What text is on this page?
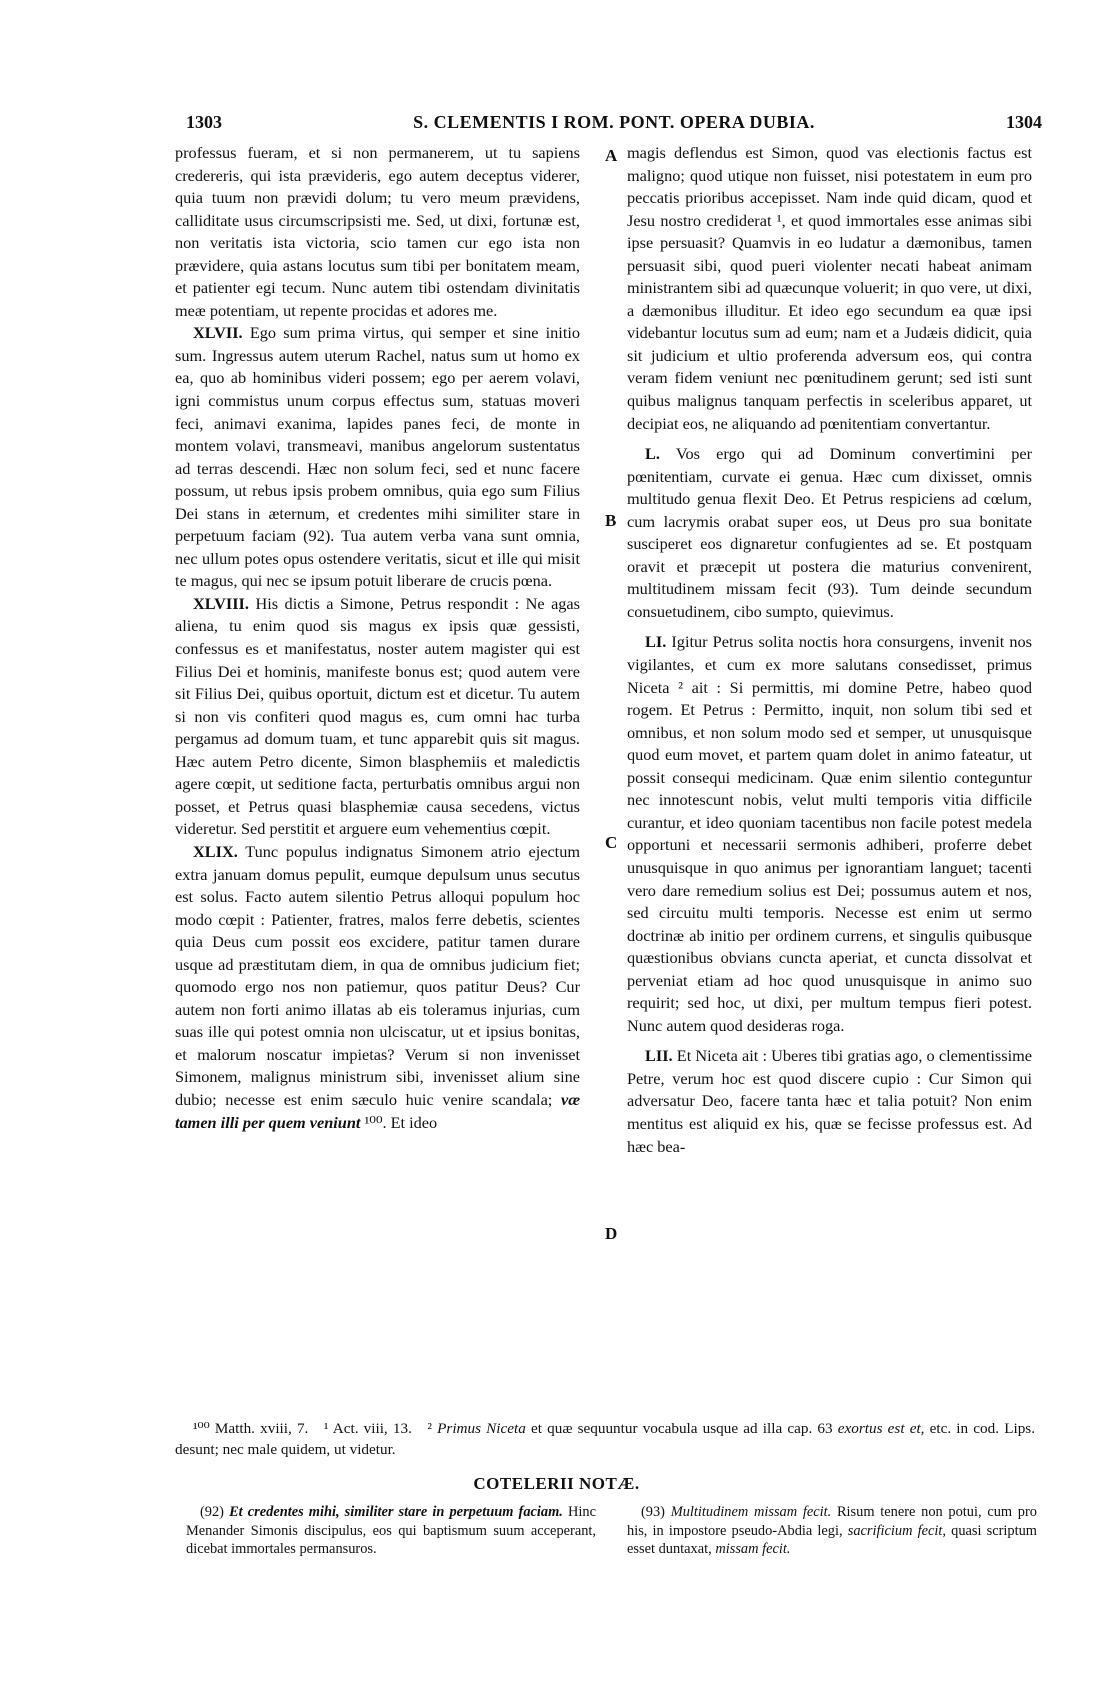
1303	S. CLEMENTIS I ROM. PONT. OPERA DUBIA.	1304

professus fueram, et si non permanerem, ut tu sapiens credereris, qui ista prævideris, ego autem deceptus viderer, quia tuum non prævidi dolum; tu vero meum prævidens, calliditate usus circumscripsisti me. Sed, ut dixi, fortunæ est, non veritatis ista victoria, scio tamen cur ego ista non prævidere, quia astans locutus sum tibi per bonitatem meam, et patienter egi tecum. Nunc autem tibi ostendam divinitatis meæ potentiam, ut repente procidas et adores me.

XLVII. Ego sum prima virtus, qui semper et sine initio sum. Ingressus autem uterum Rachel, natus sum ut homo ex ea, quo ab hominibus videri possem; ego per aerem volavi, igni commistus unum corpus effectus sum, statuas moveri feci, animavi exanima, lapides panes feci, de monte in montem volavi, transmeavi, manibus angelorum sustentatus ad terras descendi. Hæc non solum feci, sed et nunc facere possum, ut rebus ipsis probem omnibus, quia ego sum Filius Dei stans in æternum, et credentes mihi similiter stare in perpetuum faciam (92). Tua autem verba vana sunt omnia, nec ullum potes opus ostendere veritatis, sicut et ille qui misit te magus, qui nec se ipsum potuit liberare de crucis pœna.

XLVIII. His dictis a Simone, Petrus respondit : Ne agas aliena, tu enim quod sis magus ex ipsis quæ gessisti, confessus es et manifestatus, noster autem magister qui est Filius Dei et hominis, manifeste bonus est; quod autem vere sit Filius Dei, quibus oportuit, dictum est et dicetur. Tu autem si non vis confiteri quod magus es, cum omni hac turba pergamus ad domum tuam, et tunc apparebit quis sit magus. Hæc autem Petro dicente, Simon blasphemiis et maledictis agere cœpit, ut seditione facta, perturbatis omnibus argui non posset, et Petrus quasi blasphemiæ causa secedens, victus videretur. Sed perstitit et arguere eum vehementius cœpit.

XLIX. Tunc populus indignatus Simonem atrio ejectum extra januam domus pepulit, eumque depulsum unus secutus est solus. Facto autem silentio Petrus alloqui populum hoc modo cœpit : Patienter, fratres, malos ferre debetis, scientes quia Deus cum possit eos excidere, patitur tamen durare usque ad præstitutam diem, in qua de omnibus judicium fiet; quomodo ergo nos non patiemur, quos patitur Deus? Cur autem non forti animo illatas ab eis toleramus injurias, cum suas ille qui potest omnia non ulciscatur, ut et ipsius bonitas, et malorum noscatur impietas? Verum si non invenisset Simonem, malignus ministrum sibi, invenisset alium sine dubio; necesse est enim sæculo huic venire scandala; væ tamen illi per quem veniunt ¹⁰⁰. Et ideo

A
B
C
D

magis deflendus est Simon, quod vas electionis factus est maligno; quod utique non fuisset, nisi potestatem in eum pro peccatis prioribus accepisset. Nam inde quid dicam, quod et Jesu nostro crediderat ¹, et quod immortales esse animas sibi ipse persuasit? Quamvis in eo ludatur a dæmonibus, tamen persuasit sibi, quod pueri violenter necati habeat animam ministrantem sibi ad quæcunque voluerit; in quo vere, ut dixi, a dæmonibus illuditur. Et ideo ego secundum ea quæ ipsi videbantur locutus sum ad eum; nam et a Judæis didicit, quia sit judicium et ultio proferenda adversum eos, qui contra veram fidem veniunt nec pœnitudinem gerunt; sed isti sunt quibus malignus tanquam perfectis in sceleribus apparet, ut decipiat eos, ne aliquando ad pœnitentiam convertantur.

L. Vos ergo qui ad Dominum convertimini per pœnitentiam, curvate ei genua. Hæc cum dixisset, omnis multitudo genua flexit Deo. Et Petrus respiciens ad cœlum, cum lacrymis orabat super eos, ut Deus pro sua bonitate susciperet eos dignaretur confugientes ad se. Et postquam oravit et præcepit ut postera die maturius convenirent, multitudinem missam fecit (93). Tum deinde secundum consuetudinem, cibo sumpto, quievimus.

LI. Igitur Petrus solita noctis hora consurgens, invenit nos vigilantes, et cum ex more salutans consedisset, primus Niceta ² ait : Si permittis, mi domine Petre, habeo quod rogem. Et Petrus : Permitto, inquit, non solum tibi sed et omnibus, et non solum modo sed et semper, ut unusquisque quod eum movet, et partem quam dolet in animo fateatur, ut possit consequi medicinam. Quæ enim silentio conteguntur nec innotescunt nobis, velut multi temporis vitia difficile curantur, et ideo quoniam tacentibus non facile potest medela opportuni et necessarii sermonis adhiberi, proferre debet unusquisque in quo animus per ignorantiam languet; tacenti vero dare remedium solius est Dei; possumus autem et nos, sed circuitu multi temporis. Necesse est enim ut sermo doctrinæ ab initio per ordinem currens, et singulis quibusque quæstionibus obvians cuncta aperiat, et cuncta dissolvat et perveniat etiam ad hoc quod unusquisque in animo suo requirit; sed hoc, ut dixi, per multum tempus fieri potest. Nunc autem quod desideras roga.

LII. Et Niceta ait : Uberes tibi gratias ago, o clementissime Petre, verum hoc est quod discere cupio : Cur Simon qui adversatur Deo, facere tanta hæc et talia potuit? Non enim mentitus est aliquid ex his, quæ se fecisse professus est. Ad hæc bea-

¹⁰⁰ Matth. xviii, 7. ¹ Act. viii, 13. ² Primus Niceta et quæ sequuntur vocabula usque ad illa cap. 63 exortus est et, etc. in cod. Lips. desunt; nec male quidem, ut videtur.

COTELERII NOTÆ.

(92) Et credentes mihi, similiter stare in perpetuum faciam. Hinc Menander Simonis discipulus, eos qui baptismum suum acceperant, dicebat immortales permansuros.

(93) Multitudinem missam fecit. Risum tenere non potui, cum pro his, in impostore pseudo-Abdia legi, sacrificium fecit, quasi scriptum esset duntaxat, missam fecit.
